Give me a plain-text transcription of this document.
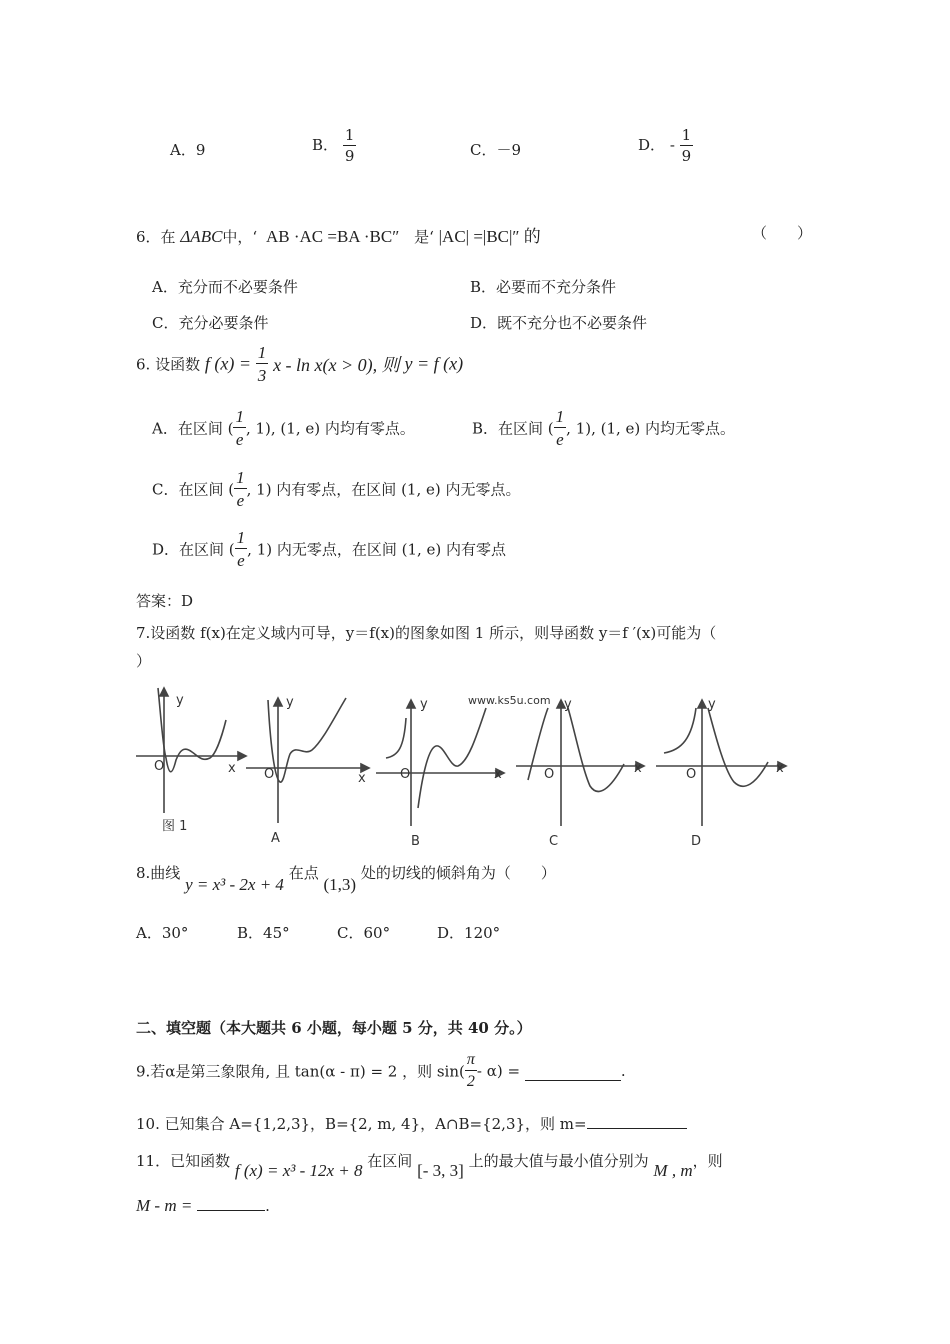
A．9	B． $\frac{1}{9}$	C．－9	D． - $\frac{1}{9}$
6．在 ΔABC中，‘ AB ·AC =BA ·BC″ 是‘ |AC| =|BC|″ 的	（　　）
A．充分而不必要条件	B．必要而不充分条件
C．充分必要条件	D．既不充分也不必要条件
6. 设函数 f $(x) = \frac{1}{3}$ x - ln x(x > 0), 则 y = f (x)
A．在区间 ( $\frac{1}{e}$ , 1), (1, e) 内均有零点。	B．在区间 ( $\frac{1}{e}$ , 1), (1, e) 内均无零点。
C．在区间 ( $\frac{1}{e}$ , 1) 内有零点，在区间 (1, e) 内无零点。
D．在区间 ( $\frac{1}{e}$ , 1) 内无零点，在区间 (1, e) 内有零点
答案：D
7.设函数 f(x)在定义域内可导，y＝f(x)的图象如图 1 所示，则导函数 y＝f ′(x)可能为（
）
y
x
O
图 1
y
x
O
A
y
x
O
B
www.ks5u.com y
x
O
C
y
x
O
D
8.曲线 y = x³ - 2x + 4 在点 (1,3) 处的切线的倾斜角为（　　）
A．30°	B．45°	C．60°	D．120°
二、填空题（本大题共 6 小题，每小题 5 分，共 40 分。）
9.若α是第三象限角, 且 tan(α - π) = 2 ，则 $\sin( \frac{\pi}{2} - \alpha)$ =	.
10. 已知集合 A={1,2,3}，B={2, m, 4}，A∩B={2,3}，则 m=
11．已知函数 f (x) = x³ - 12x + 8 在区间 [- 3, 3] 上的最大值与最小值分别为 M , m，则
M - m =	.
